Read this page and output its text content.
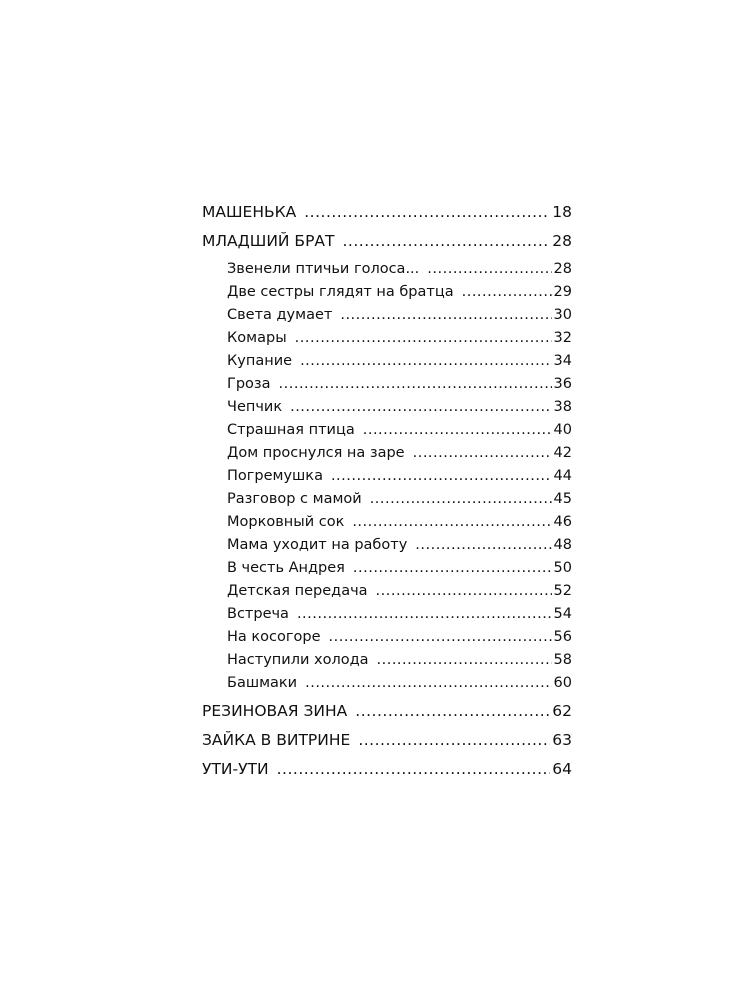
МАШЕНЬКА .....	18
МЛАДШИЙ БРАТ .....	28
Звенели птичьи голоса... .....	28
Две сестры глядят на братца .....	29
Света думает .....	30
Комары .....	32
Купание .....	34
Гроза .....	36
Чепчик .....	38
Страшная птица .....	40
Дом проснулся на заре .....	42
Погремушка .....	44
Разговор с мамой .....	45
Морковный сок .....	46
Мама уходит на работу .....	48
В честь Андрея .....	50
Детская передача .....	52
Встреча .....	54
На косогоре .....	56
Наступили холода .....	58
Башмаки .....	60
РЕЗИНОВАЯ ЗИНА .....	62
ЗАЙКА В ВИТРИНЕ .....	63
УТИ-УТИ .....	64
